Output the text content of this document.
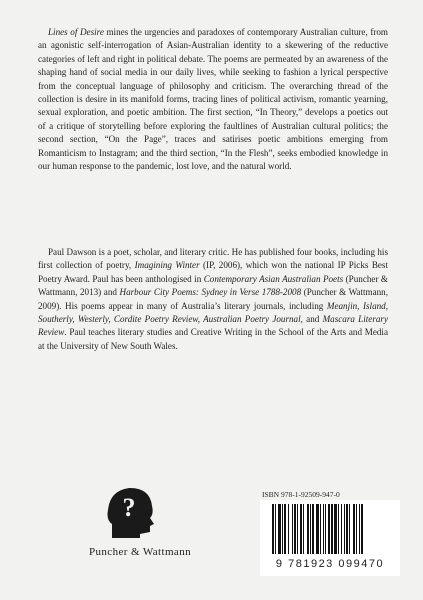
Lines of Desire mines the urgencies and paradoxes of contemporary Australian culture, from an agonistic self-interrogation of Asian-Australian identity to a skewering of the reductive categories of left and right in political debate. The poems are permeated by an awareness of the shaping hand of social media in our daily lives, while seeking to fashion a lyrical perspective from the conceptual language of philosophy and criticism. The overarching thread of the collection is desire in its manifold forms, tracing lines of political activism, romantic yearning, sexual exploration, and poetic ambition. The first section, “In Theory,” develops a poetics out of a critique of storytelling before exploring the faultlines of Australian cultural politics; the second section, “On the Page”, traces and satirises poetic ambitions emerging from Romanticism to Instagram; and the third section, “In the Flesh”, seeks embodied knowledge in our human response to the pandemic, lost love, and the natural world.

Paul Dawson is a poet, scholar, and literary critic. He has published four books, including his first collection of poetry, Imagining Winter (IP, 2006), which won the national IP Picks Best Poetry Award. Paul has been anthologised in Contemporary Asian Australian Poets (Puncher & Wattmann, 2013) and Harbour City Poems: Sydney in Verse 1788-2008 (Puncher & Wattmann, 2009). His poems appear in many of Australia’s literary journals, including Meanjin, Island, Southerly, Westerly, Cordite Poetry Review, Australian Poetry Journal, and Mascara Literary Review. Paul teaches literary studies and Creative Writing in the School of the Arts and Media at the University of New South Wales.

?
Puncher & Wattmann
ISBN 978-1-92509-947-0
9 781923 099470
